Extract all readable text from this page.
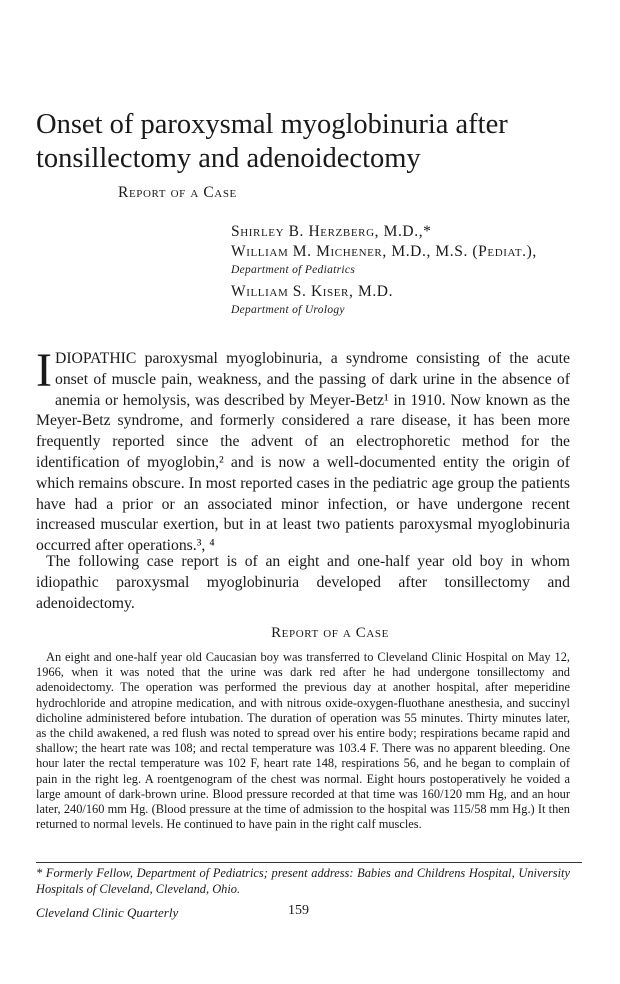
Onset of paroxysmal myoglobinuria after tonsillectomy and adenoidectomy
Report of a Case
Shirley B. Herzberg, M.D.,*
William M. Michener, M.D., M.S. (Pediat.),
Department of Pediatrics
William S. Kiser, M.D.
Department of Urology

IDIOPATHIC paroxysmal myoglobinuria, a syndrome consisting of the acute onset of muscle pain, weakness, and the passing of dark urine in the absence of anemia or hemolysis, was described by Meyer-Betz¹ in 1910. Now known as the Meyer-Betz syndrome, and formerly considered a rare disease, it has been more frequently reported since the advent of an electrophoretic method for the identification of myoglobin,² and is now a well-documented entity the origin of which remains obscure. In most reported cases in the pediatric age group the patients have had a prior or an associated minor infection, or have undergone recent increased muscular exertion, but in at least two patients paroxysmal myoglobinuria occurred after operations.³, ⁴

The following case report is of an eight and one-half year old boy in whom idiopathic paroxysmal myoglobinuria developed after tonsillectomy and adenoidectomy.

Report of a Case

An eight and one-half year old Caucasian boy was transferred to Cleveland Clinic Hospital on May 12, 1966, when it was noted that the urine was dark red after he had undergone tonsillectomy and adenoidectomy. The operation was performed the previous day at another hospital, after meperidine hydrochloride and atropine medication, and with nitrous oxide-oxygen-fluothane anesthesia, and succinyl dicholine administered before intubation. The duration of operation was 55 minutes. Thirty minutes later, as the child awakened, a red flush was noted to spread over his entire body; respirations became rapid and shallow; the heart rate was 108; and rectal temperature was 103.4 F. There was no apparent bleeding. One hour later the rectal temperature was 102 F, heart rate 148, respirations 56, and he began to complain of pain in the right leg. A roentgenogram of the chest was normal. Eight hours postoperatively he voided a large amount of dark-brown urine. Blood pressure recorded at that time was 160/120 mm Hg, and an hour later, 240/160 mm Hg. (Blood pressure at the time of admission to the hospital was 115/58 mm Hg.) It then returned to normal levels. He continued to have pain in the right calf muscles.

* Formerly Fellow, Department of Pediatrics; present address: Babies and Childrens Hospital, University Hospitals of Cleveland, Cleveland, Ohio.

Cleveland Clinic Quarterly	159
